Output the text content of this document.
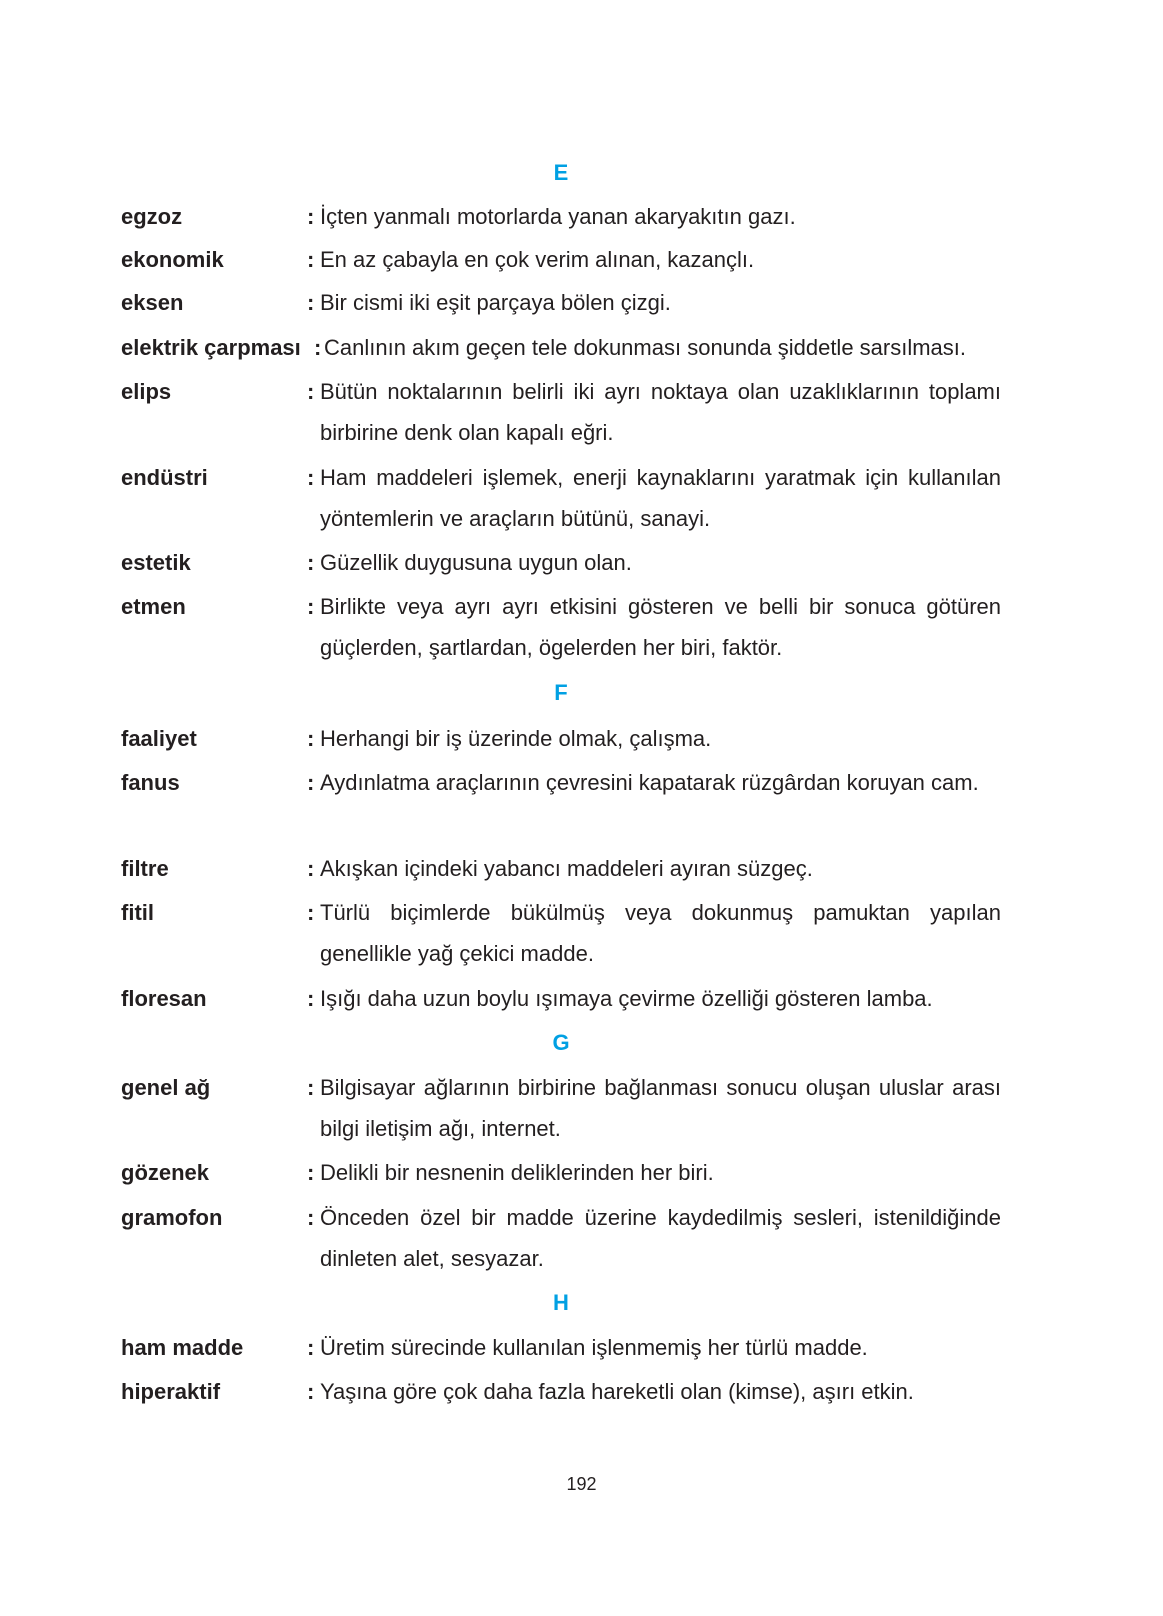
E
egzoz	: İçten yanmalı motorlarda yanan akaryakıtın gazı.
ekonomik	: En az çabayla en çok verim alınan, kazançlı.
eksen	: Bir cismi iki eşit parçaya bölen çizgi.
elektrik çarpması : Canlının akım geçen tele dokunması sonunda şiddetle sarsılması.
elips	: Bütün noktalarının belirli iki ayrı noktaya olan uzaklıklarının toplamı birbirine denk olan kapalı eğri.
endüstri	: Ham maddeleri işlemek, enerji kaynaklarını yaratmak için kullanılan yöntemlerin ve araçların bütünü, sanayi.
estetik	: Güzellik duygusuna uygun olan.
etmen	: Birlikte veya ayrı ayrı etkisini gösteren ve belli bir sonuca götüren güçlerden, şartlardan, ögelerden her biri, faktör.
F
faaliyet	: Herhangi bir iş üzerinde olmak, çalışma.
fanus	: Aydınlatma araçlarının çevresini kapatarak rüzgârdan koruyan cam.
filtre	: Akışkan içindeki yabancı maddeleri ayıran süzgeç.
fitil	: Türlü biçimlerde bükülmüş veya dokunmuş pamuktan yapılan genellikle yağ çekici madde.
floresan	: Işığı daha uzun boylu ışımaya çevirme özelliği gösteren lamba.
G
genel ağ	: Bilgisayar ağlarının birbirine bağlanması sonucu oluşan uluslar arası bilgi iletişim ağı, internet.
gözenek	: Delikli bir nesnenin deliklerinden her biri.
gramofon	: Önceden özel bir madde üzerine kaydedilmiş sesleri, istenildiğinde dinleten alet, sesyazar.
H
ham madde	: Üretim sürecinde kullanılan işlenmemiş her türlü madde.
hiperaktif	: Yaşına göre çok daha fazla hareketli olan (kimse), aşırı etkin.
192
